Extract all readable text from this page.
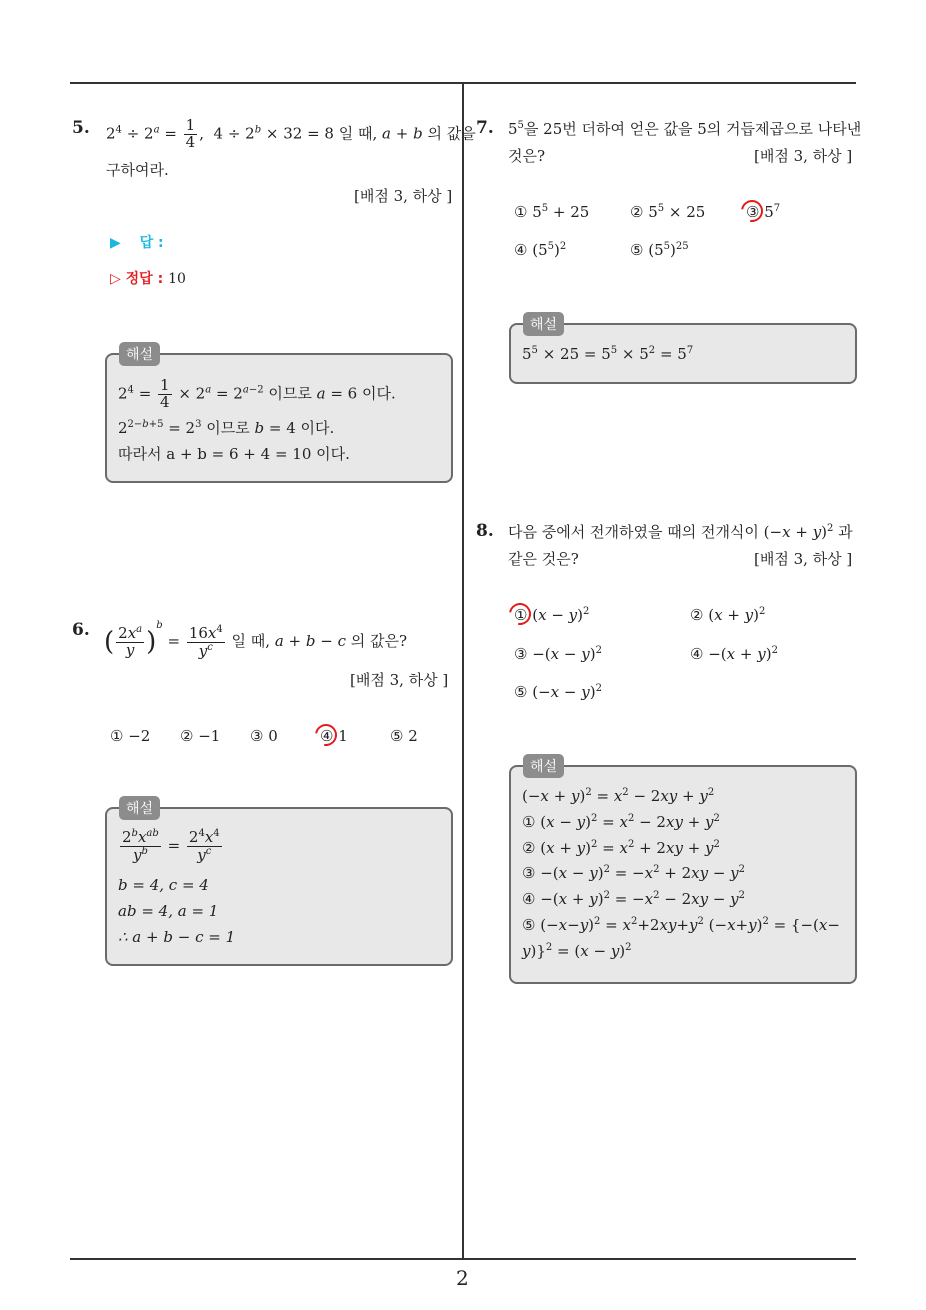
2
5. $2^4 \div 2^a = \frac{1}{4}$ ,  $4 \div 2^b \times 32 = 8$ 일 때, a + b 의 값을
구하여라.
[배점 3, 하상 ]
▶ 답 :
▷ 정답 : 10
해설
$2^4 = \frac{1}{4} \times 2^a = 2^{a-2}$ 이므로 a = 6 이다.
$2^{2-b+5} = 2^3$ 이므로 b = 4 이다.
따라서 a + b = 6 + 4 = 10 이다.
6. ( $\frac{2x^a}{y} )^b = \frac{16x^4}{y^c}$ 일 때, a + b − c 의 값은?
[배점 3, 하상 ]
① −2 ② −1 ③ 0	④ 1	⑤ 2
해설
$\frac{2^bx^{ab}}{y^b} = \frac{2^4x^4}{y^c}$
b = 4, c = 4
ab = 4, a = 1
∴ a + b − c = 1
7. $5^5$을 25번 더하여 얻은 값을 5의 거듭제곱으로 나타낸
것은?	[배점 3, 하상 ]
① $5^5 + 25$	② $5^5 \times 25$	③ $5^7$
④ $(5^5)^2$	⑤ $(5^5)^{25}$
해설
$5^5 \times 25 = 5^5 \times 5^2 = 5^7$
8. 다음 중에서 전개하였을 때의 전개식이 $(-x + y)^2$ 과
같은 것은?	[배점 3, 하상 ]
① $(x - y)^2$	② $(x + y)^2$
③ $-(x - y)^2$	④ $-(x + y)^2$
⑤ $(-x - y)^2$
해설
$(-x + y)^2 = x^2 - 2xy + y^2$
① $(x - y)^2 = x^2 - 2xy + y^2$
② $(x + y)^2 = x^2 + 2xy + y^2$
③ $-(x - y)^2 = -x^2 + 2xy - y^2$
④ $-(x + y)^2 = -x^2 - 2xy - y^2$
⑤ $(-x-y)^2 = x^2+2xy+y^2$ $(-x+y)^2 = \{-(x-$
$y)\}^2 = (x - y)^2$
